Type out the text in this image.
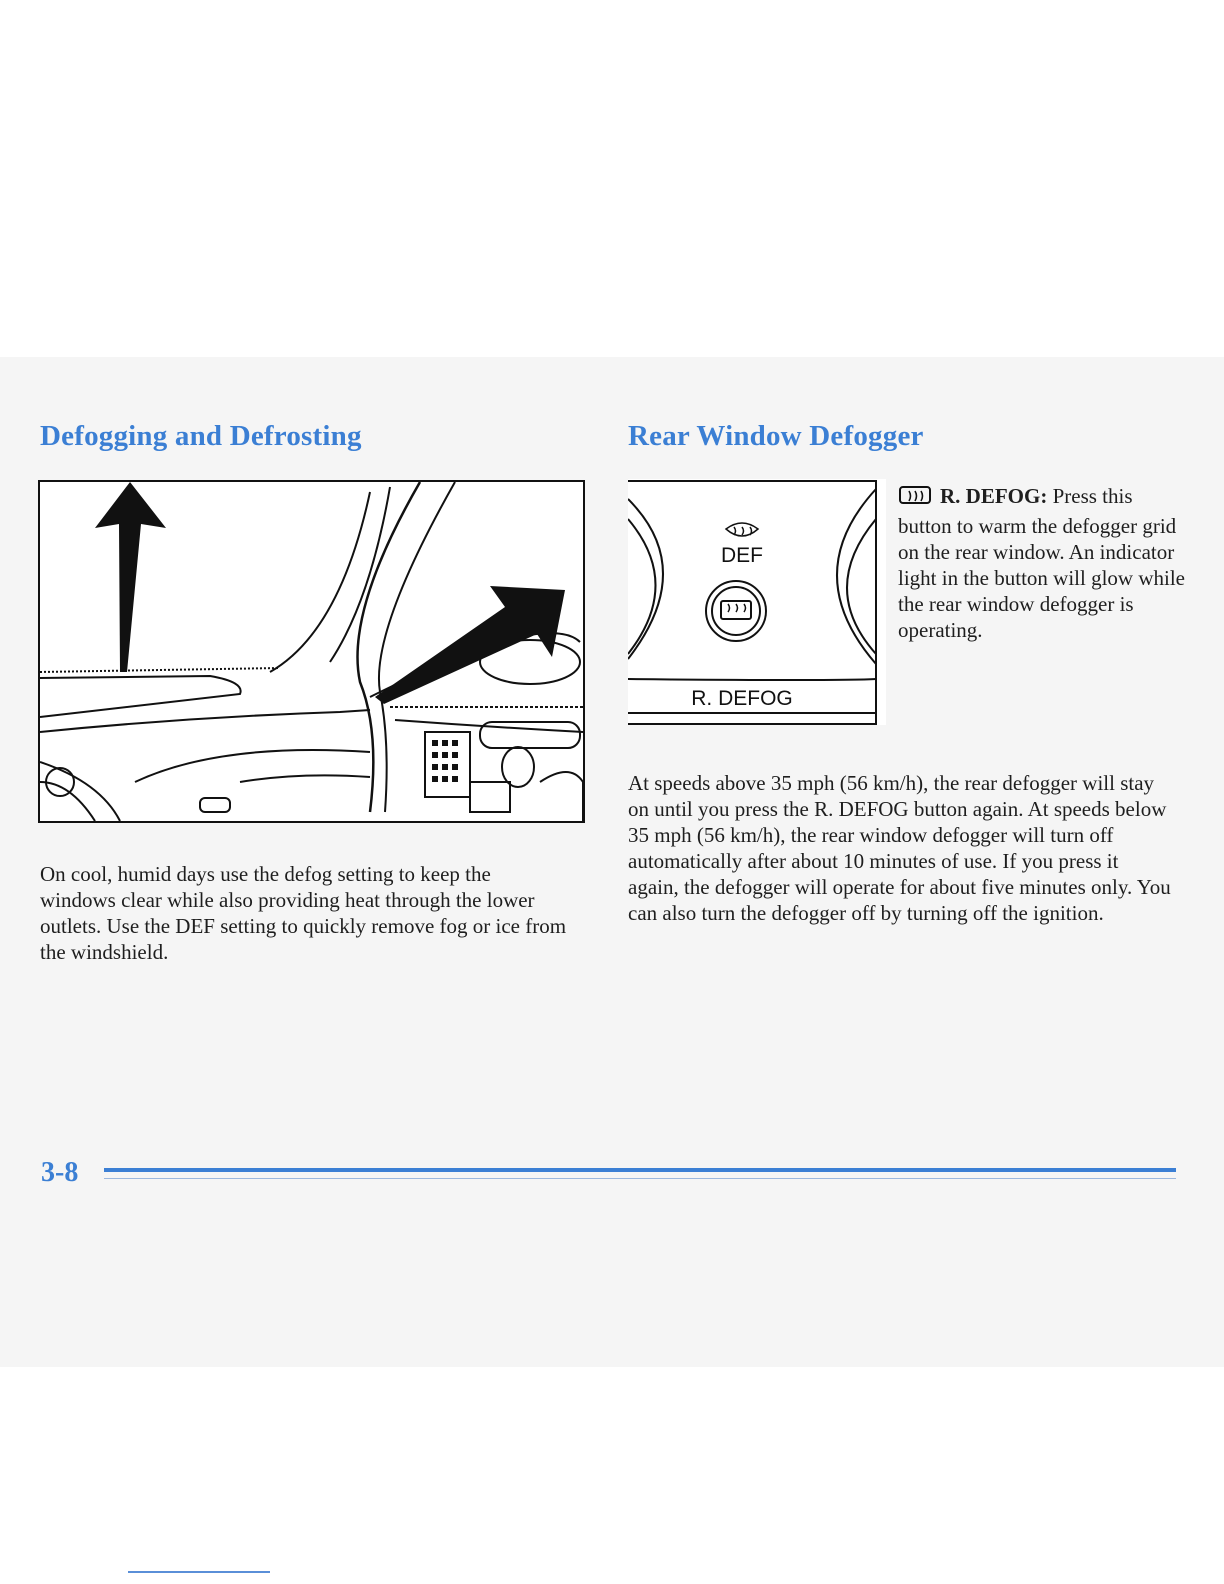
Defogging and Defrosting

On cool, humid days use the defog setting to keep the windows clear while also providing heat through the lower outlets. Use the DEF setting to quickly remove fog or ice from the windshield.

Rear Window Defogger
DEF
R. DEFOG

R. DEFOG: Press this button to warm the defogger grid on the rear window. An indicator light in the button will glow while the rear window defogger is operating.

At speeds above 35 mph (56 km/h), the rear defogger will stay on until you press the R. DEFOG button again. At speeds below 35 mph (56 km/h), the rear window defogger will turn off automatically after about 10 minutes of use. If you press it again, the defogger will operate for about five minutes only. You can also turn the defogger off by turning off the ignition.

3-8
